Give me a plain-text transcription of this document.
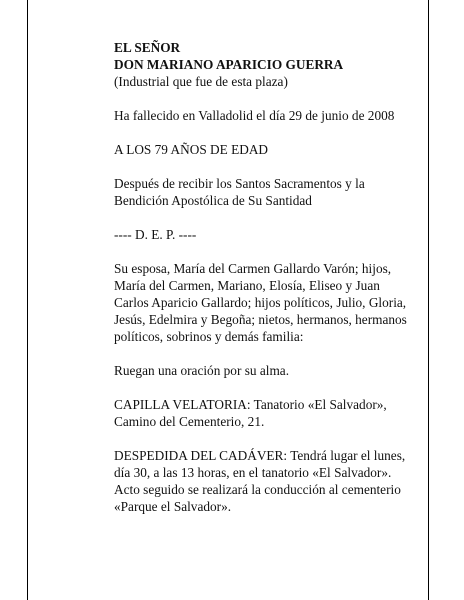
EL SEÑOR

DON MARIANO APARICIO GUERRA

(Industrial que fue de esta plaza)

Ha fallecido en Valladolid el día 29 de junio de 2008

A LOS 79 AÑOS DE EDAD

Después de recibir los Santos Sacramentos y la

Bendición Apostólica de Su Santidad

---- D. E. P. ----

Su esposa, María del Carmen Gallardo Varón; hijos,

María del Carmen, Mariano, Elosía, Eliseo y Juan

Carlos Aparicio Gallardo; hijos políticos, Julio, Gloria,

Jesús, Edelmira y Begoña; nietos, hermanos, hermanos

políticos, sobrinos y demás familia:

Ruegan una oración por su alma.

CAPILLA VELATORIA: Tanatorio «El Salvador»,

Camino del Cementerio, 21.

DESPEDIDA DEL CADÁVER: Tendrá lugar el lunes,

día 30, a las 13 horas, en el tanatorio «El Salvador».

Acto seguido se realizará la conducción al cementerio

«Parque el Salvador».
